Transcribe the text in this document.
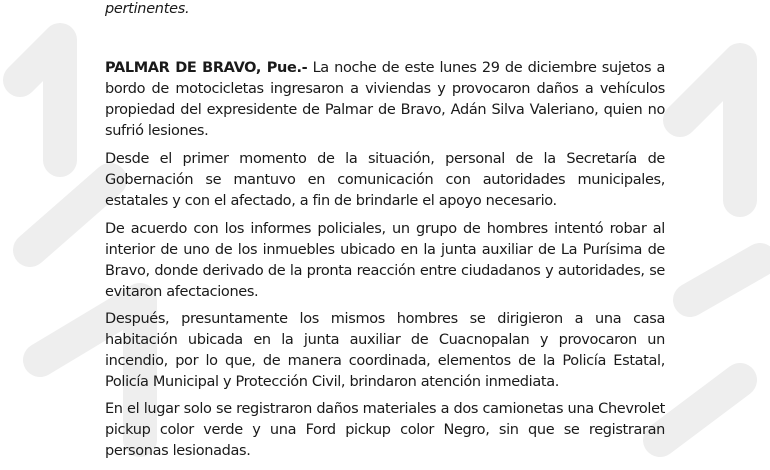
pertinentes.

PALMAR DE BRAVO, Pue.- La noche de este lunes 29 de diciembre sujetos a bordo de motocicletas ingresaron a viviendas y provocaron daños a vehículos propiedad del expresidente de Palmar de Bravo, Adán Silva Valeriano, quien no sufrió lesiones.

Desde el primer momento de la situación, personal de la Secretaría de Gobernación se mantuvo en comunicación con autoridades municipales, estatales y con el afectado, a fin de brindarle el apoyo necesario.

De acuerdo con los informes policiales, un grupo de hombres intentó robar al interior de uno de los inmuebles ubicado en la junta auxiliar de La Purísima de Bravo, donde derivado de la pronta reacción entre ciudadanos y autoridades, se evitaron afectaciones.

Después, presuntamente los mismos hombres se dirigieron a una casa habitación ubicada en la junta auxiliar de Cuacnopalan y provocaron un incendio, por lo que, de manera coordinada, elementos de la Policía Estatal, Policía Municipal y Protección Civil, brindaron atención inmediata.

En el lugar solo se registraron daños materiales a dos camionetas una Chevrolet pickup color verde y una Ford pickup color Negro, sin que se registraran personas lesionadas.
